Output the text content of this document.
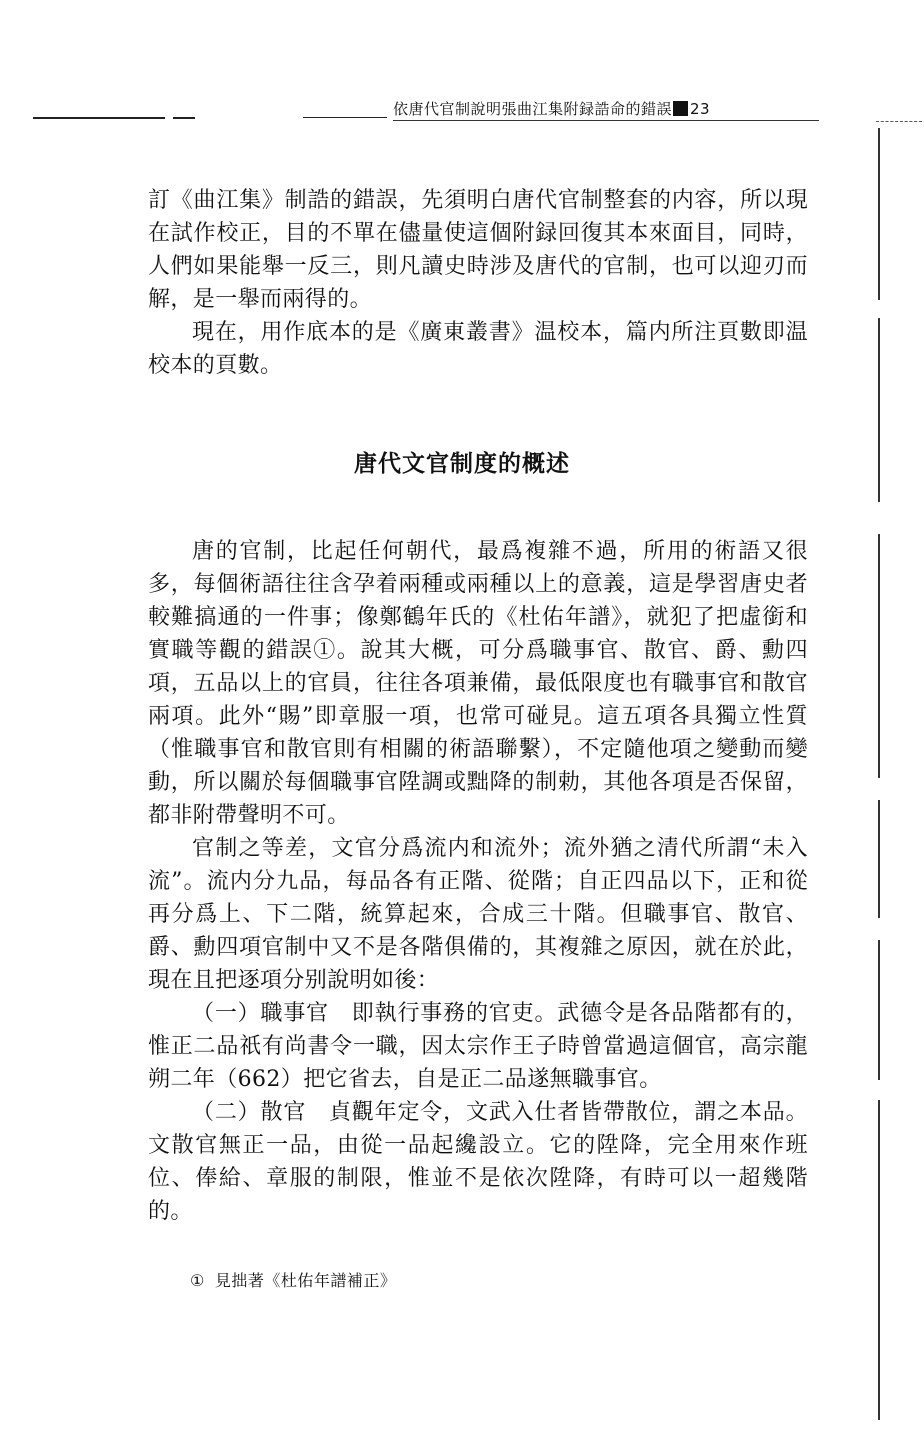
依唐代官制說明張曲江集附録誥命的錯誤 23

訂《曲江集》制誥的錯誤，先須明白唐代官制整套的内容，所以現在試作校正，目的不單在儘量使這個附録回復其本來面目，同時，人們如果能舉一反三，則凡讀史時涉及唐代的官制，也可以迎刃而解，是一舉而兩得的。

現在，用作底本的是《廣東叢書》温校本，篇内所注頁數即温校本的頁數。

唐代文官制度的概述

唐的官制，比起任何朝代，最爲複雜不過，所用的術語又很多，每個術語往往含孕着兩種或兩種以上的意義，這是學習唐史者較難搞通的一件事；像鄭鶴年氏的《杜佑年譜》，就犯了把虛銜和實職等觀的錯誤①。說其大概，可分爲職事官、散官、爵、勳四項，五品以上的官員，往往各項兼備，最低限度也有職事官和散官兩項。此外“賜”即章服一項，也常可碰見。這五項各具獨立性質（惟職事官和散官則有相關的術語聯繫），不定隨他項之變動而變動，所以關於每個職事官陞調或黜降的制勅，其他各項是否保留，都非附帶聲明不可。

官制之等差，文官分爲流内和流外；流外猶之清代所謂“未入流”。流内分九品，每品各有正階、從階；自正四品以下，正和從再分爲上、下二階，統算起來，合成三十階。但職事官、散官、爵、勳四項官制中又不是各階俱備的，其複雜之原因，就在於此，現在且把逐項分别說明如後：

（一）職事官　即執行事務的官吏。武德令是各品階都有的，惟正二品祇有尚書令一職，因太宗作王子時曾當過這個官，高宗龍朔二年（662）把它省去，自是正二品遂無職事官。

（二）散官　貞觀年定令，文武入仕者皆帶散位，謂之本品。文散官無正一品，由從一品起纔設立。它的陞降，完全用來作班位、俸給、章服的制限，惟並不是依次陞降，有時可以一超幾階的。

① 見拙著《杜佑年譜補正》
